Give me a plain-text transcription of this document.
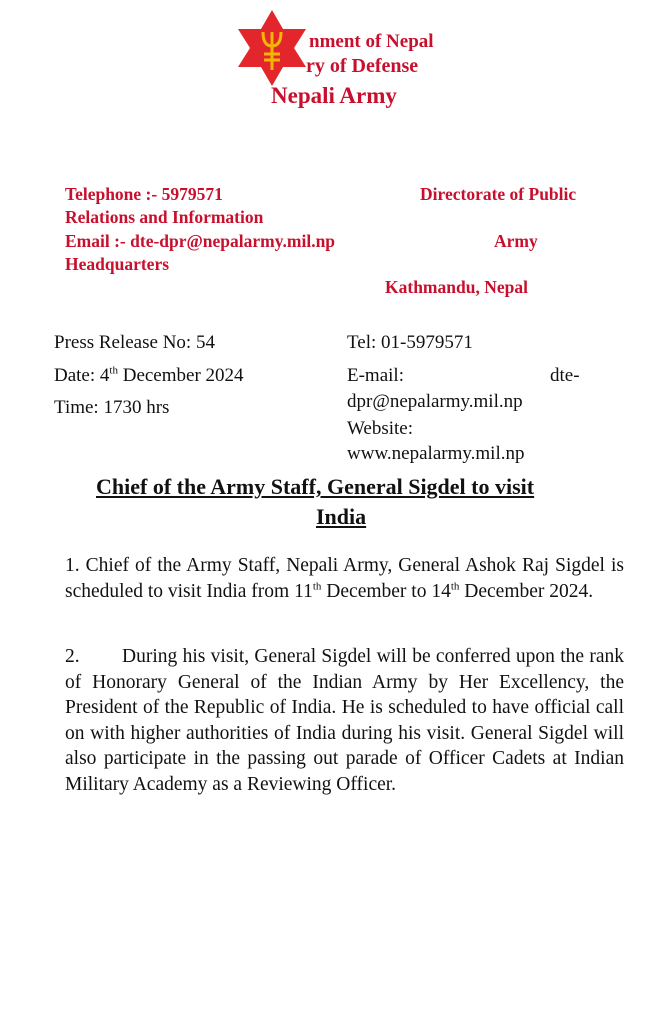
nment of Nepal
ry of Defense
Nepali Army
Telephone :- 5979571	Directorate of Public
Relations and Information
Email :- dte-dpr@nepalarmy.mil.np	Army
Headquarters
Kathmandu, Nepal
Press Release No: 54
Date: 4th December 2024
Time: 1730 hrs
Tel: 01-5979571
E-mail:	dte-
dpr@nepalarmy.mil.np
Website:
www.nepalarmy.mil.np
Chief of the Army Staff, General Sigdel to visit
India
1. Chief of the Army Staff, Nepali Army, General Ashok Raj Sigdel is scheduled to visit India from 11th December to 14th December 2024.
2.        During his visit, General Sigdel will be conferred upon the rank of Honorary General of the Indian Army by Her Excellency, the President of the Republic of India. He is scheduled to have official call on with higher authorities of India during his visit. General Sigdel will also participate in the passing out parade of Officer Cadets at Indian Military Academy as a Reviewing Officer.
